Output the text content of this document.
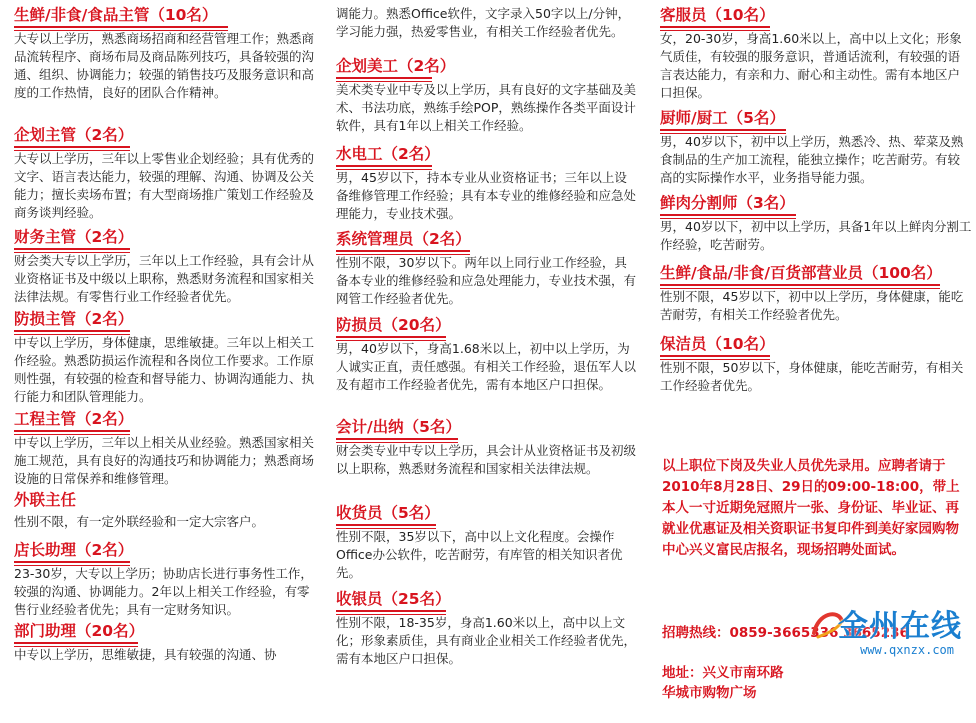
生鲜/非食/食品主管（10名）
大专以上学历，熟悉商场招商和经营管理工作；熟悉商品流转程序、商场布局及商品陈列技巧，具备较强的沟通、组织、协调能力；较强的销售技巧及服务意识和高度的工作热情，良好的团队合作精神。
企划主管（2名）
大专以上学历，三年以上零售业企划经验；具有优秀的文字、语言表达能力，较强的理解、沟通、协调及公关能力；擅长卖场布置；有大型商场推广策划工作经验及商务谈判经验。
财务主管（2名）
财会类大专以上学历，三年以上工作经验，具有会计从业资格证书及中级以上职称，熟悉财务流程和国家相关法律法规。有零售行业工作经验者优先。
防损主管（2名）
中专以上学历，身体健康，思维敏捷。三年以上相关工作经验。熟悉防损运作流程和各岗位工作要求。工作原则性强，有较强的检查和督导能力、协调沟通能力、执行能力和团队管理能力。
工程主管（2名）
中专以上学历，三年以上相关从业经验。熟悉国家相关施工规范，具有良好的沟通技巧和协调能力；熟悉商场设施的日常保养和维修管理。
外联主任
性别不限，有一定外联经验和一定大宗客户。
店长助理（2名）
23-30岁，大专以上学历；协助店长进行事务性工作，较强的沟通、协调能力。2年以上相关工作经验，有零售行业经验者优先；具有一定财务知识。
部门助理（20名）
中专以上学历，思维敏捷，具有较强的沟通、协
调能力。熟悉Office软件，文字录入50字以上/分钟，学习能力强，热爱零售业，有相关工作经验者优先。
企划美工（2名）
美术类专业中专及以上学历，具有良好的文字基础及美术、书法功底，熟练手绘POP，熟练操作各类平面设计软件，具有1年以上相关工作经验。
水电工（2名）
男，45岁以下，持本专业从业资格证书；三年以上设备维修管理工作经验；具有本专业的维修经验和应急处理能力，专业技术强。
系统管理员（2名）
性别不限，30岁以下。两年以上同行业工作经验，具备本专业的维修经验和应急处理能力，专业技术强，有网管工作经验者优先。
防损员（20名）
男，40岁以下，身高1.68米以上，初中以上学历，为人诚实正直，责任感强。有相关工作经验，退伍军人以及有超市工作经验者优先，需有本地区户口担保。
会计/出纳（5名）
财会类专业中专以上学历，具会计从业资格证书及初级以上职称，熟悉财务流程和国家相关法律法规。
收货员（5名）
性别不限，35岁以下，高中以上文化程度。会操作Office办公软件，吃苦耐劳，有库管的相关知识者优先。
收银员（25名）
性别不限，18-35岁，身高1.60米以上，高中以上文化；形象素质佳，具有商业企业相关工作经验者优先，需有本地区户口担保。
客服员（10名）
女，20-30岁，身高1.60米以上，高中以上文化；形象气质佳，有较强的服务意识，普通话流利，有较强的语言表达能力，有亲和力、耐心和主动性。需有本地区户口担保。
厨师/厨工（5名）
男，40岁以下，初中以上学历，熟悉冷、热、荤菜及熟食制品的生产加工流程，能独立操作；吃苦耐劳。有较高的实际操作水平，业务指导能力强。
鲜肉分割师（3名）
男，40岁以下，初中以上学历，具备1年以上鲜肉分割工作经验，吃苦耐劳。
生鲜/食品/非食/百货部营业员（100名）
性别不限，45岁以下，初中以上学历，身体健康，能吃苦耐劳，有相关工作经验者优先。
保洁员（10名）
性别不限，50岁以下，身体健康，能吃苦耐劳，有相关工作经验者优先。
以上职位下岗及失业人员优先录用。应聘者请于2010年8月28日、29日的09:00-18:00，带上本人一寸近期免冠照片一张、身份证、毕业证、再就业优惠证及相关资职证书复印件到美好家园购物中心兴义富民店报名，现场招聘处面试。

招聘热线：0859-3665336 3665236

地址：兴义市南环路
华城市购物广场

金州在线
www.qxnzx.com
